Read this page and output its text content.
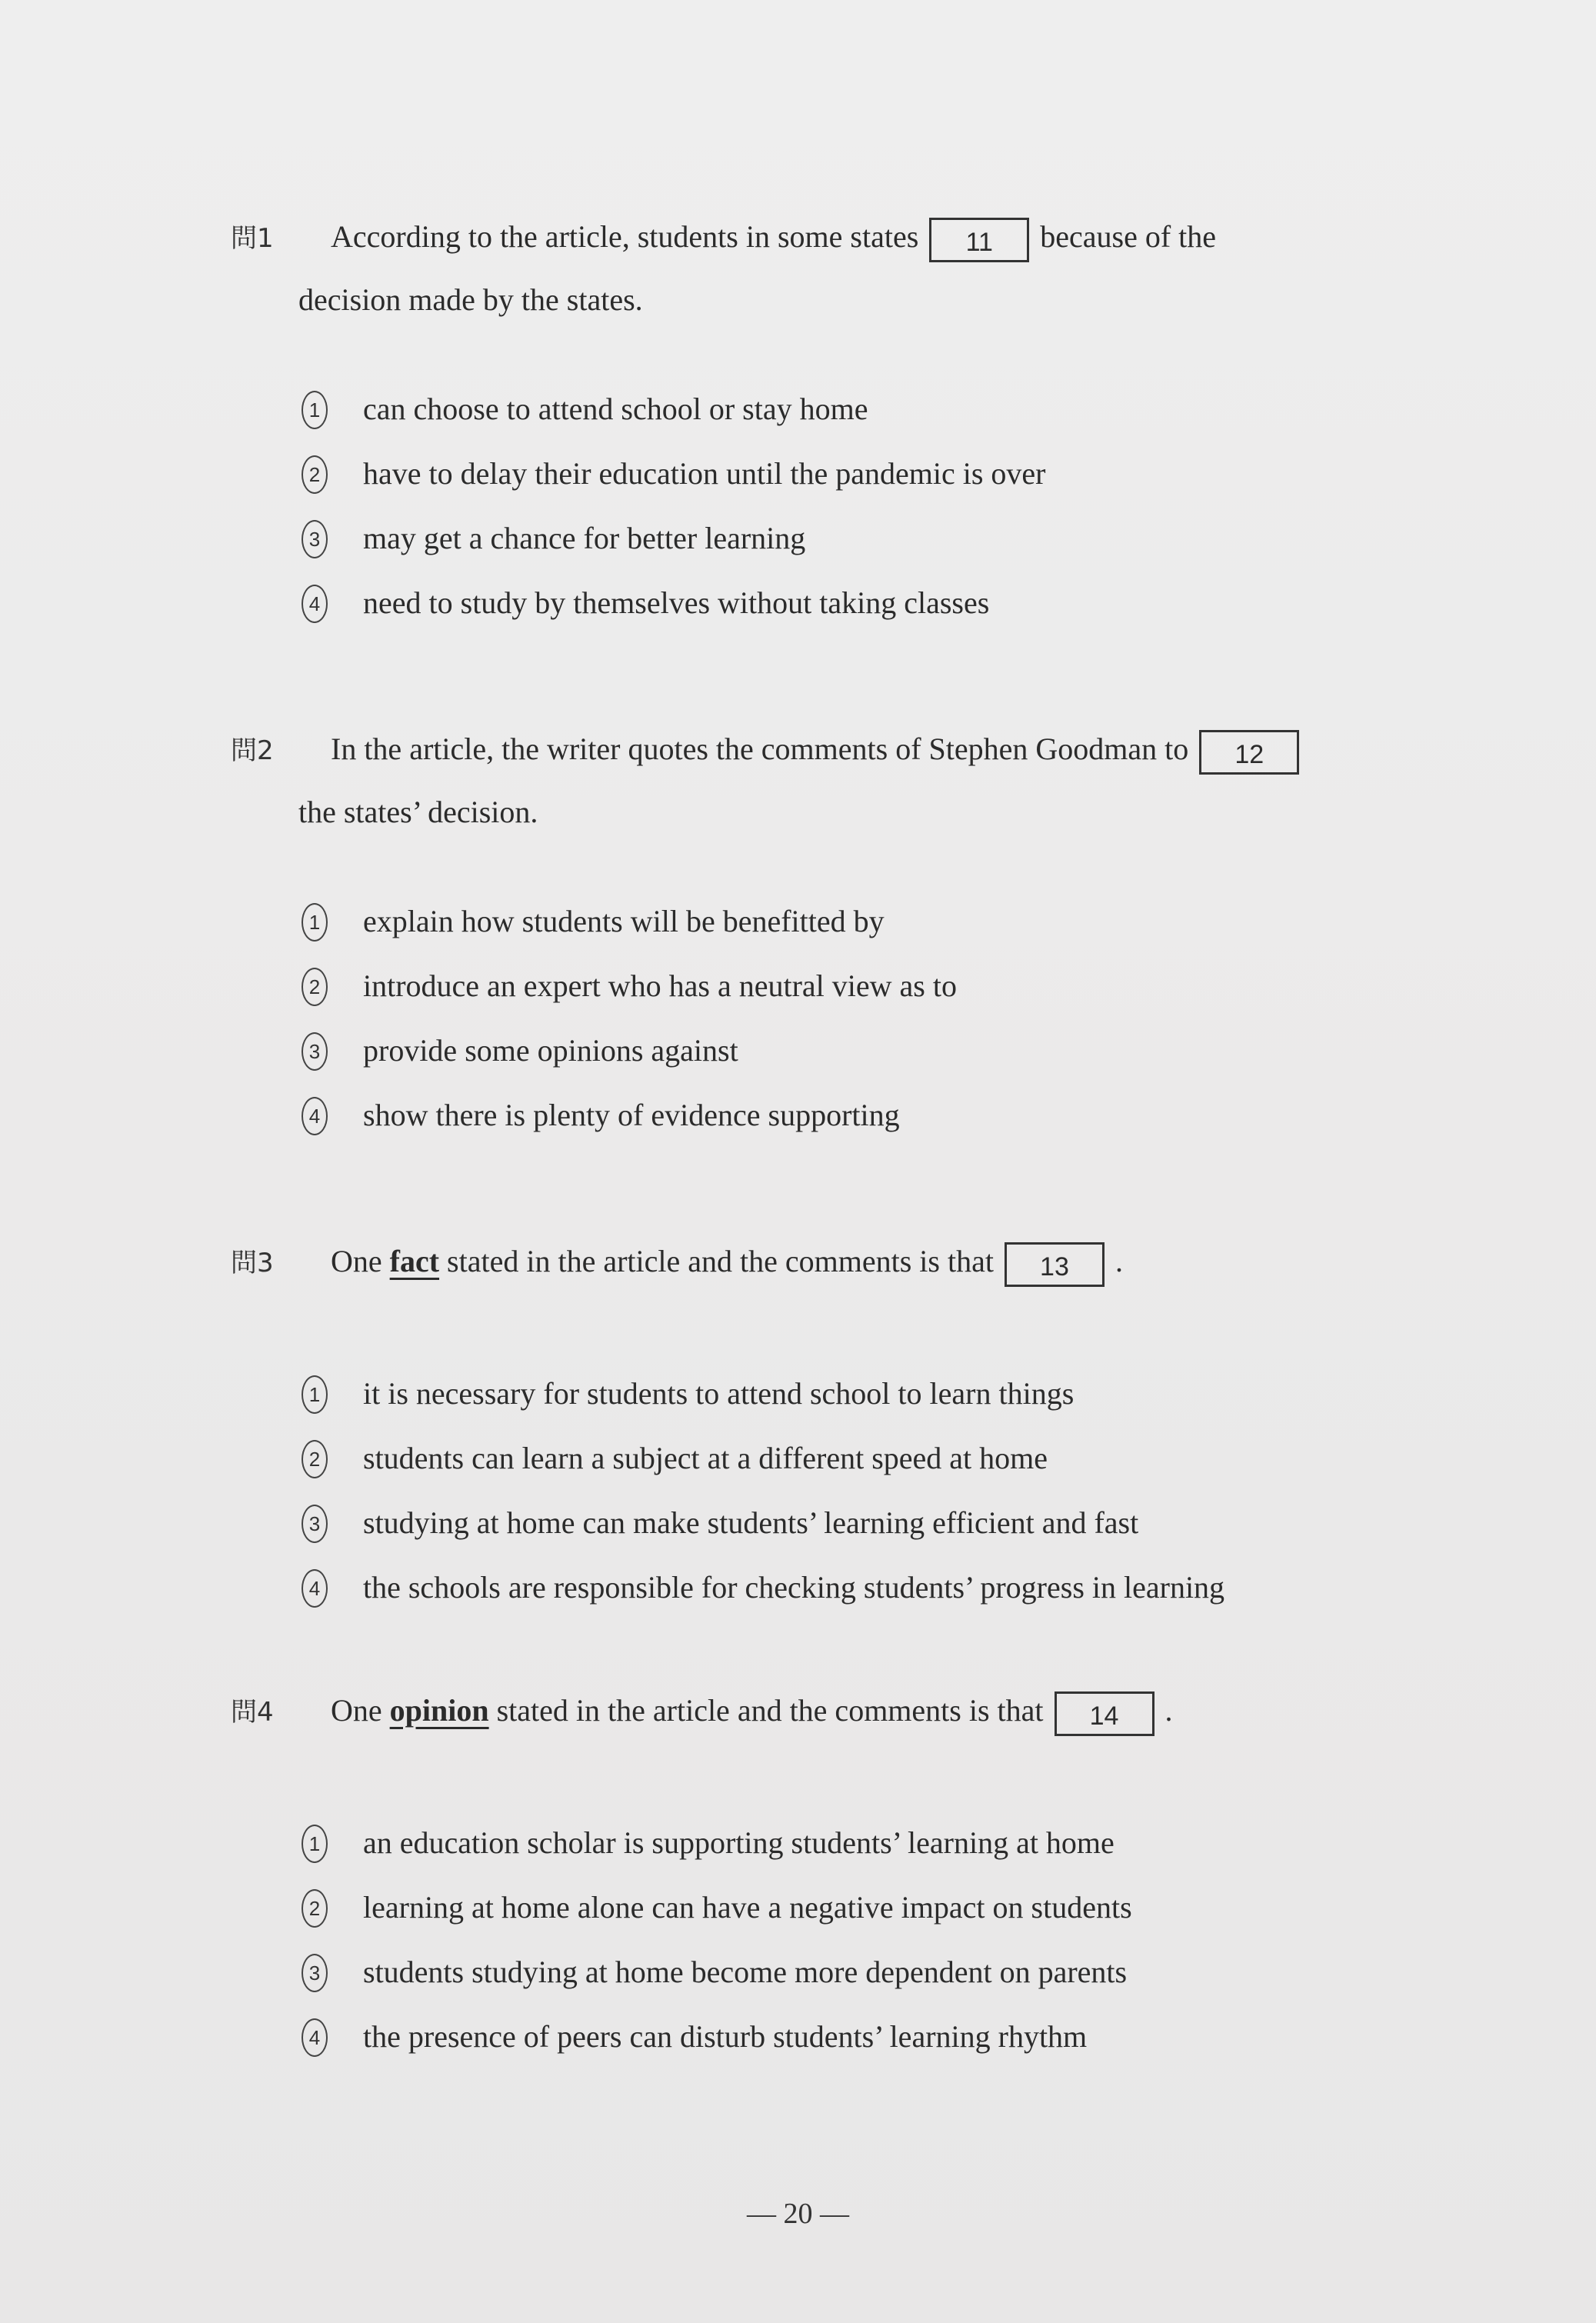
問1 According to the article, students in some states 11 because of the
decision made by the states.
1 can choose to attend school or stay home
2 have to delay their education until the pandemic is over
3 may get a chance for better learning
4 need to study by themselves without taking classes
問2 In the article, the writer quotes the comments of Stephen Goodman to 12
the states’ decision.
1 explain how students will be benefitted by
2 introduce an expert who has a neutral view as to
3 provide some opinions against
4 show there is plenty of evidence supporting
問3 One fact stated in the article and the comments is that 13 .
1 it is necessary for students to attend school to learn things
2 students can learn a subject at a different speed at home
3 studying at home can make students’ learning efficient and fast
4 the schools are responsible for checking students’ progress in learning
問4 One opinion stated in the article and the comments is that 14 .
1 an education scholar is supporting students’ learning at home
2 learning at home alone can have a negative impact on students
3 students studying at home become more dependent on parents
4 the presence of peers can disturb students’ learning rhythm
— 20 —
